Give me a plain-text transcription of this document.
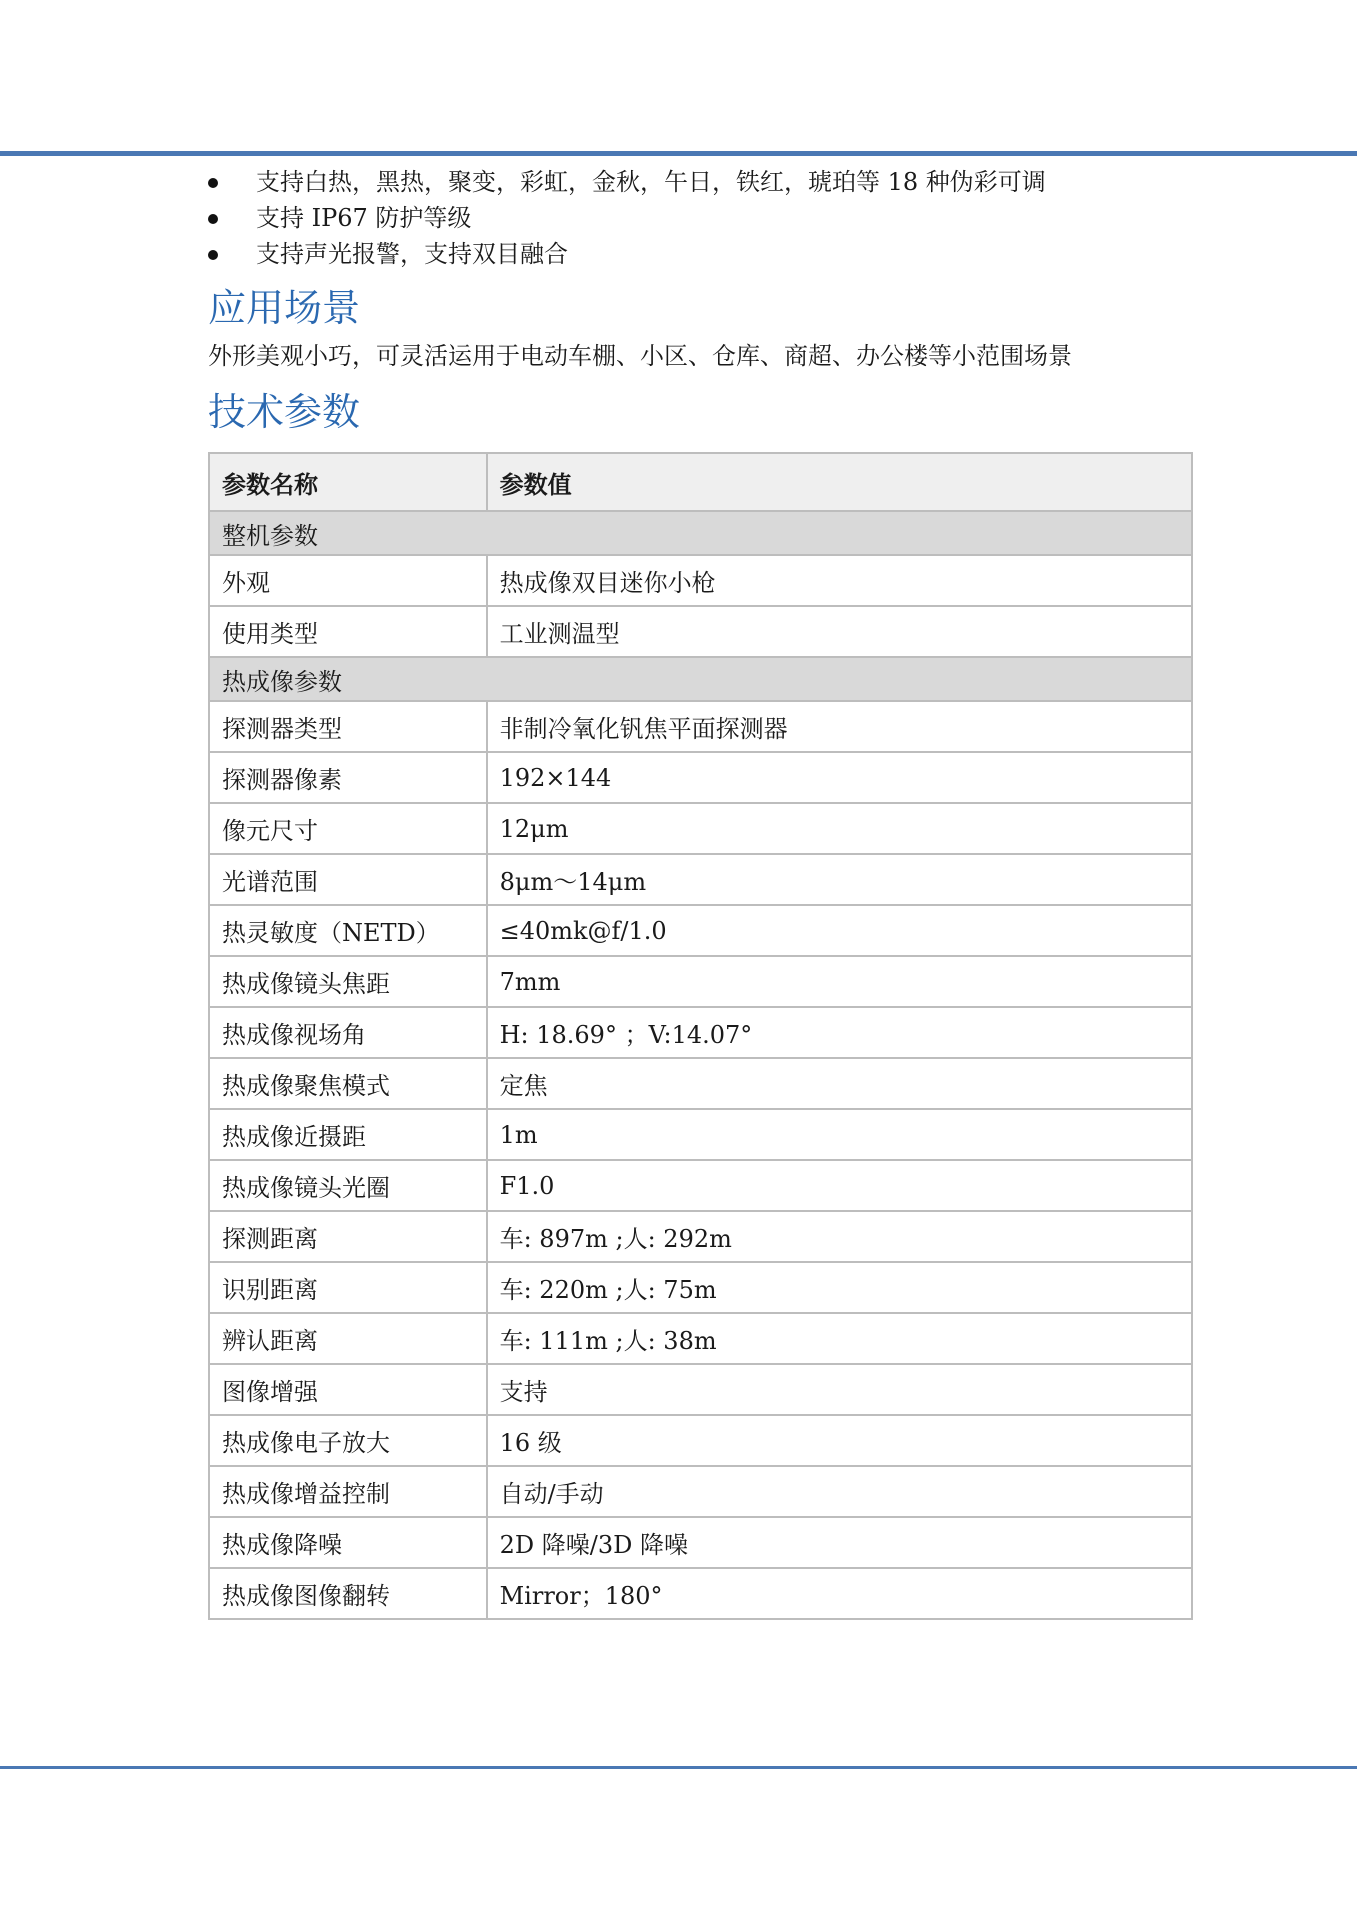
支持白热，黑热，聚变，彩虹，金秋，午日，铁红，琥珀等 18 种伪彩可调
支持 IP67 防护等级
支持声光报警，支持双目融合
应用场景

外形美观小巧，可灵活运用于电动车棚、小区、仓库、商超、办公楼等小范围场景

技术参数
参数名称	参数值
整机参数	
外观	热成像双目迷你小枪
使用类型	工业测温型
热成像参数	
探测器类型	非制冷氧化钒焦平面探测器
探测器像素	192×144
像元尺寸	12μm
光谱范围	8μm～14μm
热灵敏度（NETD）	≤40mk@f/1.0
热成像镜头焦距	7mm
热成像视场角	H: 18.69° ；V:14.07°
热成像聚焦模式	定焦
热成像近摄距	1m
热成像镜头光圈	F1.0
探测距离	车: 897m ;人: 292m
识别距离	车: 220m ;人: 75m
辨认距离	车: 111m ;人: 38m
图像增强	支持
热成像电子放大	16 级
热成像增益控制	自动/手动
热成像降噪	2D 降噪/3D 降噪
热成像图像翻转	Mirror；180°
